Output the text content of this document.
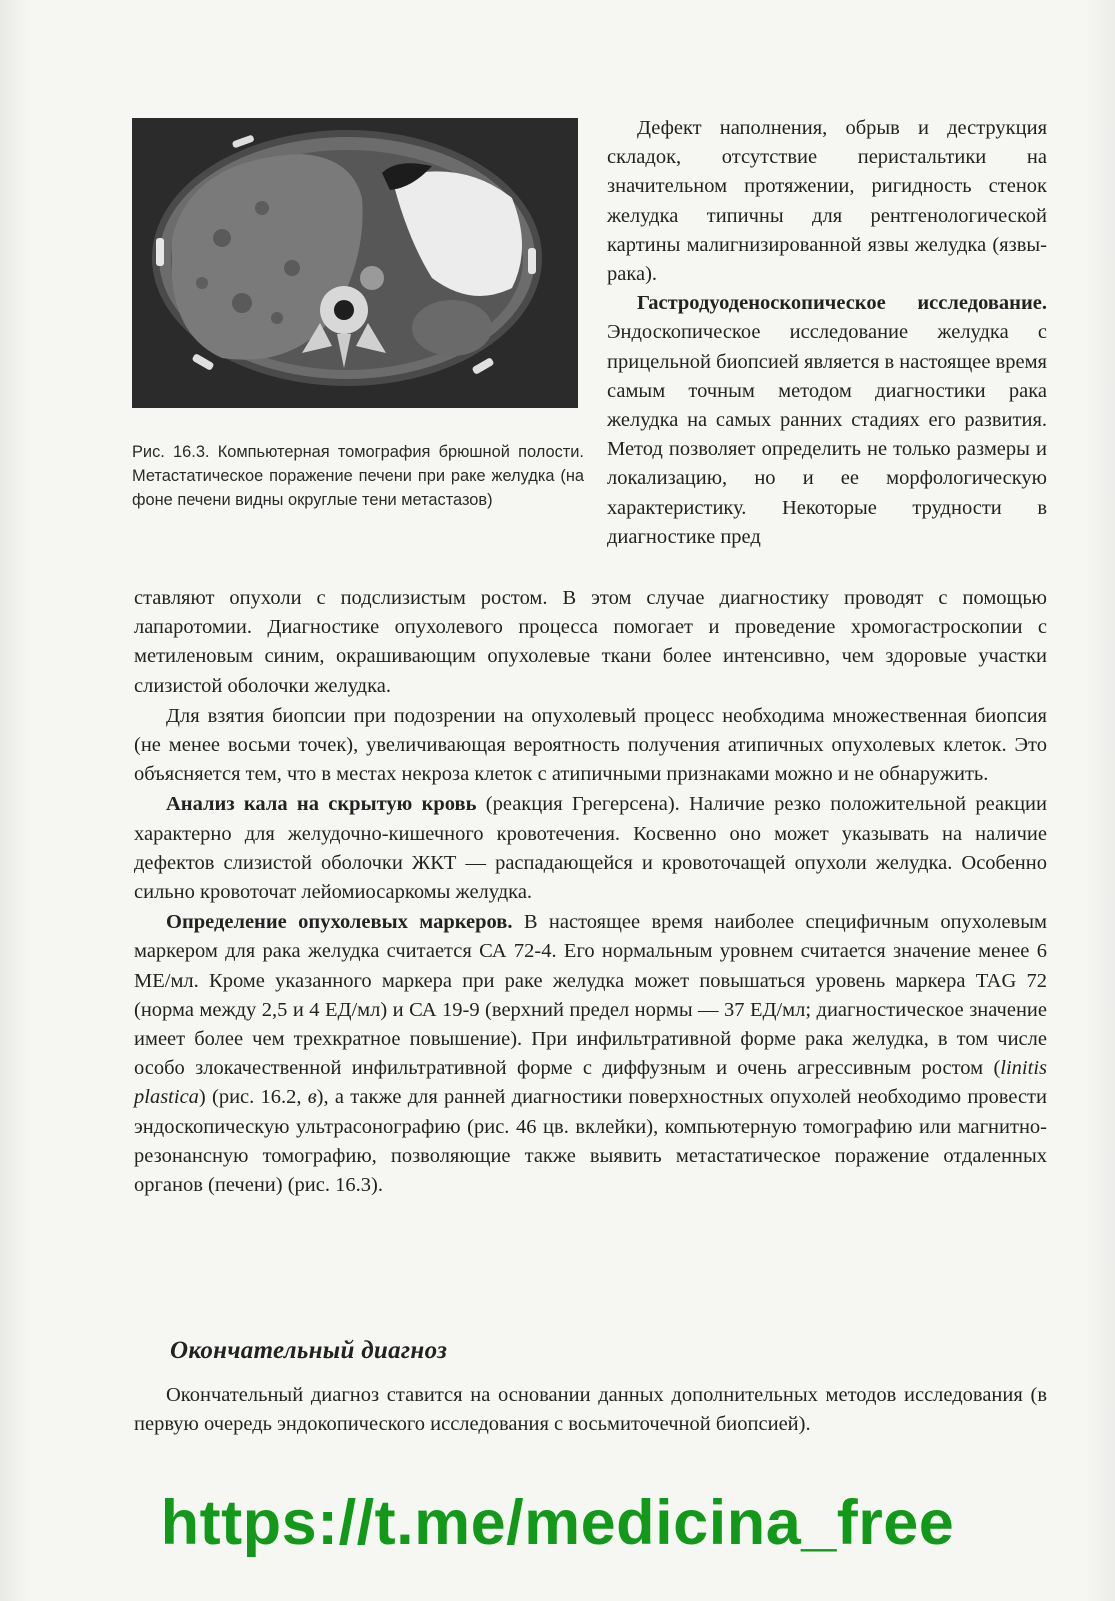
Рис. 16.3. Компьютерная томография брюшной полости. Метастатическое поражение печени при раке желудка (на фоне печени видны округлые тени метастазов)

Дефект наполнения, обрыв и деструкция складок, отсутствие перистальтики на значительном протяжении, ригидность стенок желудка типичны для рентгенологической картины малигнизированной язвы желудка (язвы-рака).

Гастродуоденоскопическое исследование. Эндоскопическое исследование желудка с прицельной биопсией является в настоящее время самым точным методом диагностики рака желудка на самых ранних стадиях его развития. Метод позволяет определить не только размеры и локализацию, но и ее морфологическую характеристику. Некоторые трудности в диагностике пред

ставляют опухоли с подслизистым ростом. В этом случае диагностику проводят с помощью лапаротомии. Диагностике опухолевого процесса помогает и проведение хромогастроскопии с метиленовым синим, окрашивающим опухолевые ткани более интенсивно, чем здоровые участки слизистой оболочки желудка.

Для взятия биопсии при подозрении на опухолевый процесс необходима множественная биопсия (не менее восьми точек), увеличивающая вероятность получения атипичных опухолевых клеток. Это объясняется тем, что в местах некроза клеток с атипичными признаками можно и не обнаружить.

Анализ кала на скрытую кровь (реакция Грегерсена). Наличие резко положительной реакции характерно для желудочно-кишечного кровотечения. Косвенно оно может указывать на наличие дефектов слизистой оболочки ЖКТ — распадающейся и кровоточащей опухоли желудка. Особенно сильно кровоточат лейомиосаркомы желудка.

Определение опухолевых маркеров. В настоящее время наиболее специфичным опухолевым маркером для рака желудка считается СА 72-4. Его нормальным уровнем считается значение менее 6 МЕ/мл. Кроме указанного маркера при раке желудка может повышаться уровень маркера TAG 72 (норма между 2,5 и 4 ЕД/мл) и СА 19-9 (верхний предел нормы — 37 ЕД/мл; диагностическое значение имеет более чем трехкратное повышение). При инфильтративной форме рака желудка, в том числе особо злокачественной инфильтративной форме с диффузным и очень агрессивным ростом (linitis plastica) (рис. 16.2, в), а также для ранней диагностики поверхностных опухолей необходимо провести эндоскопическую ультрасонографию (рис. 46 цв. вклейки), компьютерную томографию или магнитно-резонансную томографию, позволяющие также выявить метастатическое поражение отдаленных органов (печени) (рис. 16.3).

Окончательный диагноз

Окончательный диагноз ставится на основании данных дополнительных методов исследования (в первую очередь эндокопического исследования с восьмиточечной биопсией).

https://t.me/medicina_free
